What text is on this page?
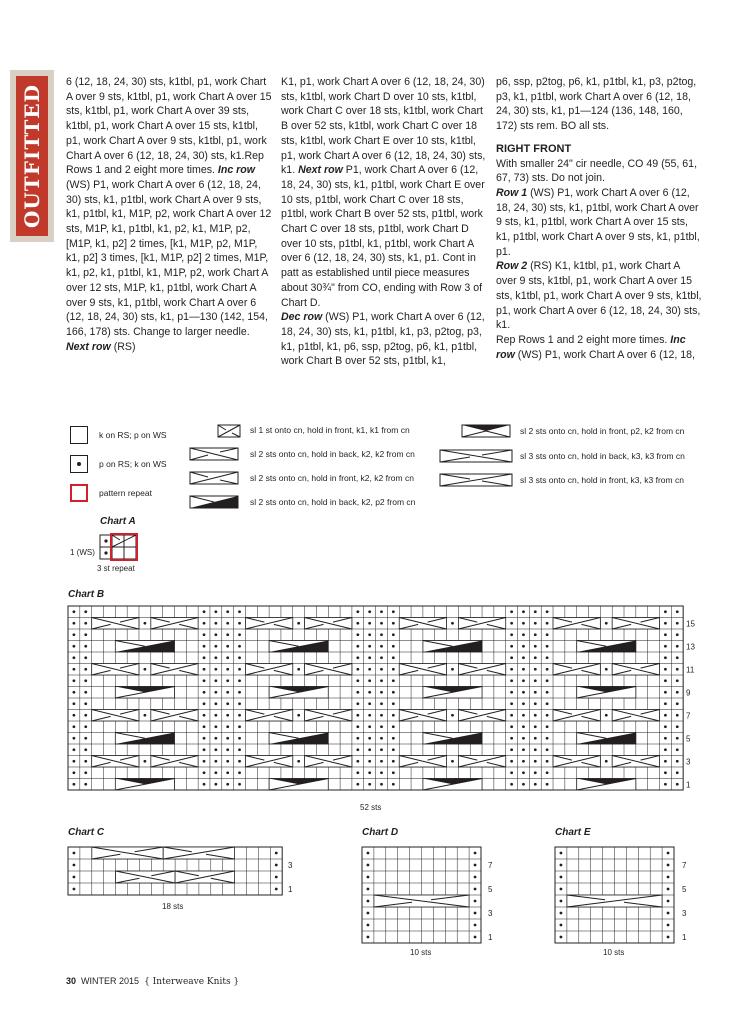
OUTFITTED
6 (12, 18, 24, 30) sts, k1tbl, p1, work Chart A over 9 sts, k1tbl, p1, work Chart A over 15 sts, k1tbl, p1, work Chart A over 39 sts, k1tbl, p1, work Chart A over 15 sts, k1tbl, p1, work Chart A over 9 sts, k1tbl, p1, work Chart A over 6 (12, 18, 24, 30) sts, k1.Rep Rows 1 and 2 eight more times. Inc row (WS) P1, work Chart A over 6 (12, 18, 24, 30) sts, k1, p1tbl, work Chart A over 9 sts, k1, p1tbl, k1, M1P, p2, work Chart A over 12 sts, M1P, k1, p1tbl, k1, p2, k1, M1P, p2, [M1P, k1, p2] 2 times, [k1, M1P, p2, M1P, k1, p2] 3 times, [k1, M1P, p2] 2 times, M1P, k1, p2, k1, p1tbl, k1, M1P, p2, work Chart A over 12 sts, M1P, k1, p1tbl, work Chart A over 9 sts, k1, p1tbl, work Chart A over 6 (12, 18, 24, 30) sts, k1, p1—130 (142, 154, 166, 178) sts. Change to larger needle. Next row (RS)
K1, p1, work Chart A over 6 (12, 18, 24, 30) sts, k1tbl, work Chart D over 10 sts, k1tbl, work Chart C over 18 sts, k1tbl, work Chart B over 52 sts, k1tbl, work Chart C over 18 sts, k1tbl, work Chart E over 10 sts, k1tbl, p1, work Chart A over 6 (12, 18, 24, 30) sts, k1. Next row P1, work Chart A over 6 (12, 18, 24, 30) sts, k1, p1tbl, work Chart E over 10 sts, p1tbl, work Chart C over 18 sts, p1tbl, work Chart B over 52 sts, p1tbl, work Chart C over 18 sts, p1tbl, work Chart D over 10 sts, p1tbl, k1, p1tbl, work Chart A over 6 (12, 18, 24, 30) sts, k1, p1. Cont in patt as established until piece measures about 30¾" from CO, ending with Row 3 of Chart D.
Dec row (WS) P1, work Chart A over 6 (12, 18, 24, 30) sts, k1, p1tbl, k1, p3, p2tog, p3, k1, p1tbl, k1, p6, ssp, p2tog, p6, k1, p1tbl, work Chart B over 52 sts, p1tbl, k1,
p6, ssp, p2tog, p6, k1, p1tbl, k1, p3, p2tog, p3, k1, p1tbl, work Chart A over 6 (12, 18, 24, 30) sts, k1, p1—124 (136, 148, 160, 172) sts rem. BO all sts.
RIGHT FRONT
With smaller 24" cir needle, CO 49 (55, 61, 67, 73) sts. Do not join.
Row 1 (WS) P1, work Chart A over 6 (12, 18, 24, 30) sts, k1, p1tbl, work Chart A over 9 sts, k1, p1tbl, work Chart A over 15 sts, k1, p1tbl, work Chart A over 9 sts, k1, p1tbl, p1.
Row 2 (RS) K1, k1tbl, p1, work Chart A over 9 sts, k1tbl, p1, work Chart A over 15 sts, k1tbl, p1, work Chart A over 9 sts, k1tbl, p1, work Chart A over 6 (12, 18, 24, 30) sts, k1.
Rep Rows 1 and 2 eight more times. Inc row (WS) P1, work Chart A over 6 (12, 18,
k on RS; p on WS
p on RS; k on WS
pattern repeat
sl 1 st onto cn, hold in front, k1, k1 from cn
sl 2 sts onto cn, hold in back, k2, k2 from cn
sl 2 sts onto cn, hold in front, k2, k2 from cn
sl 2 sts onto cn, hold in back, k2, p2 from cn
sl 2 sts onto cn, hold in front, p2, k2 from cn
sl 3 sts onto cn, hold in back, k3, k3 from cn
sl 3 sts onto cn, hold in front, k3, k3 from cn
Chart A
1 (WS)
3 st repeat
Chart B
15
13
11
9
7
5
3
1
52 sts
Chart C
3
1
18 sts
Chart D
7
5
3
1
10 sts
Chart E
7
5
3
1
10 sts
30 WINTER 2015 { Interweave Knits }
